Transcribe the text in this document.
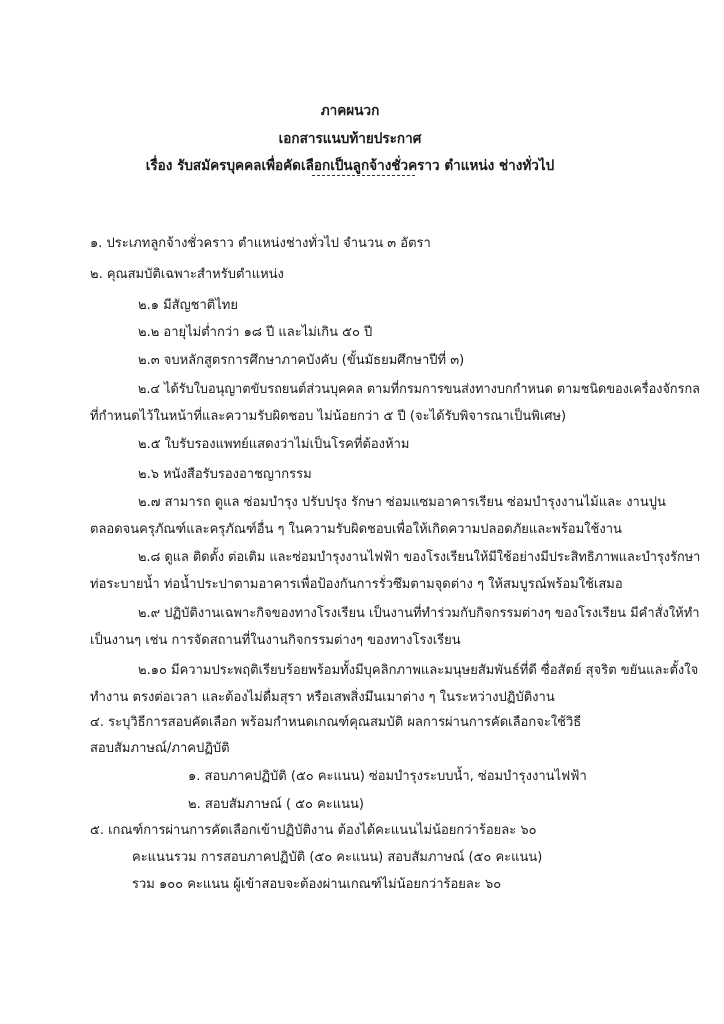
ภาคผนวก
เอกสารแนบท้ายประกาศ
เรื่อง รับสมัครบุคคลเพื่อคัดเลือกเป็นลูกจ้างชั่วคราว ตำแหน่ง ช่างทั่วไป
๑. ประเภทลูกจ้างชั่วคราว ตำแหน่งช่างทั่วไป จำนวน ๓ อัตรา
๒. คุณสมบัติเฉพาะสำหรับตำแหน่ง
๒.๑ มีสัญชาติไทย
๒.๒ อายุไม่ต่ำกว่า ๑๘ ปี และไม่เกิน ๕๐ ปี
๒.๓ จบหลักสูตรการศึกษาภาคบังคับ (ขั้นมัธยมศึกษาปีที่ ๓)
๒.๔ ได้รับใบอนุญาตขับรถยนต์ส่วนบุคคล ตามที่กรมการขนส่งทางบกกำหนด ตามชนิดของเครื่องจักรกล
ที่กำหนดไว้ในหน้าที่และความรับผิดชอบ ไม่น้อยกว่า ๕ ปี (จะได้รับพิจารณาเป็นพิเศษ)
๒.๕ ใบรับรองแพทย์แสดงว่าไม่เป็นโรคที่ต้องห้าม
๒.๖ หนังสือรับรองอาชญากรรม
๒.๗ สามารถ ดูแล ซ่อมบำรุง ปรับปรุง รักษา ซ่อมแซมอาคารเรียน ซ่อมบำรุงงานไม้และ งานปูน
ตลอดจนครุภัณฑ์และครุภัณฑ์อื่น ๆ ในความรับผิดชอบเพื่อให้เกิดความปลอดภัยและพร้อมใช้งาน
๒.๘ ดูแล ติดตั้ง ต่อเติม และซ่อมบำรุงงานไฟฟ้า ของโรงเรียนให้มีใช้อย่างมีประสิทธิภาพและบำรุงรักษา
ท่อระบายน้ำ ท่อน้ำประปาตามอาคารเพื่อป้องกันการรั่วซึมตามจุดต่าง ๆ ให้สมบูรณ์พร้อมใช้เสมอ
๒.๙ ปฏิบัติงานเฉพาะกิจของทางโรงเรียน เป็นงานที่ทำร่วมกับกิจกรรมต่างๆ ของโรงเรียน มีคำสั่งให้ทำ
เป็นงานๆ เช่น การจัดสถานที่ในงานกิจกรรมต่างๆ ของทางโรงเรียน
๒.๑๐ มีความประพฤติเรียบร้อยพร้อมทั้งมีบุคลิกภาพและมนุษยสัมพันธ์ที่ดี ซื่อสัตย์ สุจริต ขยันและตั้งใจ
ทำงาน ตรงต่อเวลา และต้องไม่ดื่มสุรา หรือเสพสิ่งมึนเมาต่าง ๆ ในระหว่างปฏิบัติงาน
๔. ระบุวิธีการสอบคัดเลือก พร้อมกำหนดเกณฑ์คุณสมบัติ ผลการผ่านการคัดเลือกจะใช้วิธี
สอบสัมภาษณ์/ภาคปฏิบัติ
๑. สอบภาคปฏิบัติ (๕๐ คะแนน) ซ่อมบำรุงระบบน้ำ, ซ่อมบำรุงงานไฟฟ้า
๒. สอบสัมภาษณ์ ( ๕๐ คะแนน)
๕. เกณฑ์การผ่านการคัดเลือกเข้าปฏิบัติงาน ต้องได้คะแนนไม่น้อยกว่าร้อยละ ๖๐
คะแนนรวม การสอบภาคปฏิบัติ (๕๐ คะแนน) สอบสัมภาษณ์ (๕๐ คะแนน)
รวม ๑๐๐ คะแนน ผู้เข้าสอบจะต้องผ่านเกณฑ์ไม่น้อยกว่าร้อยละ ๖๐
